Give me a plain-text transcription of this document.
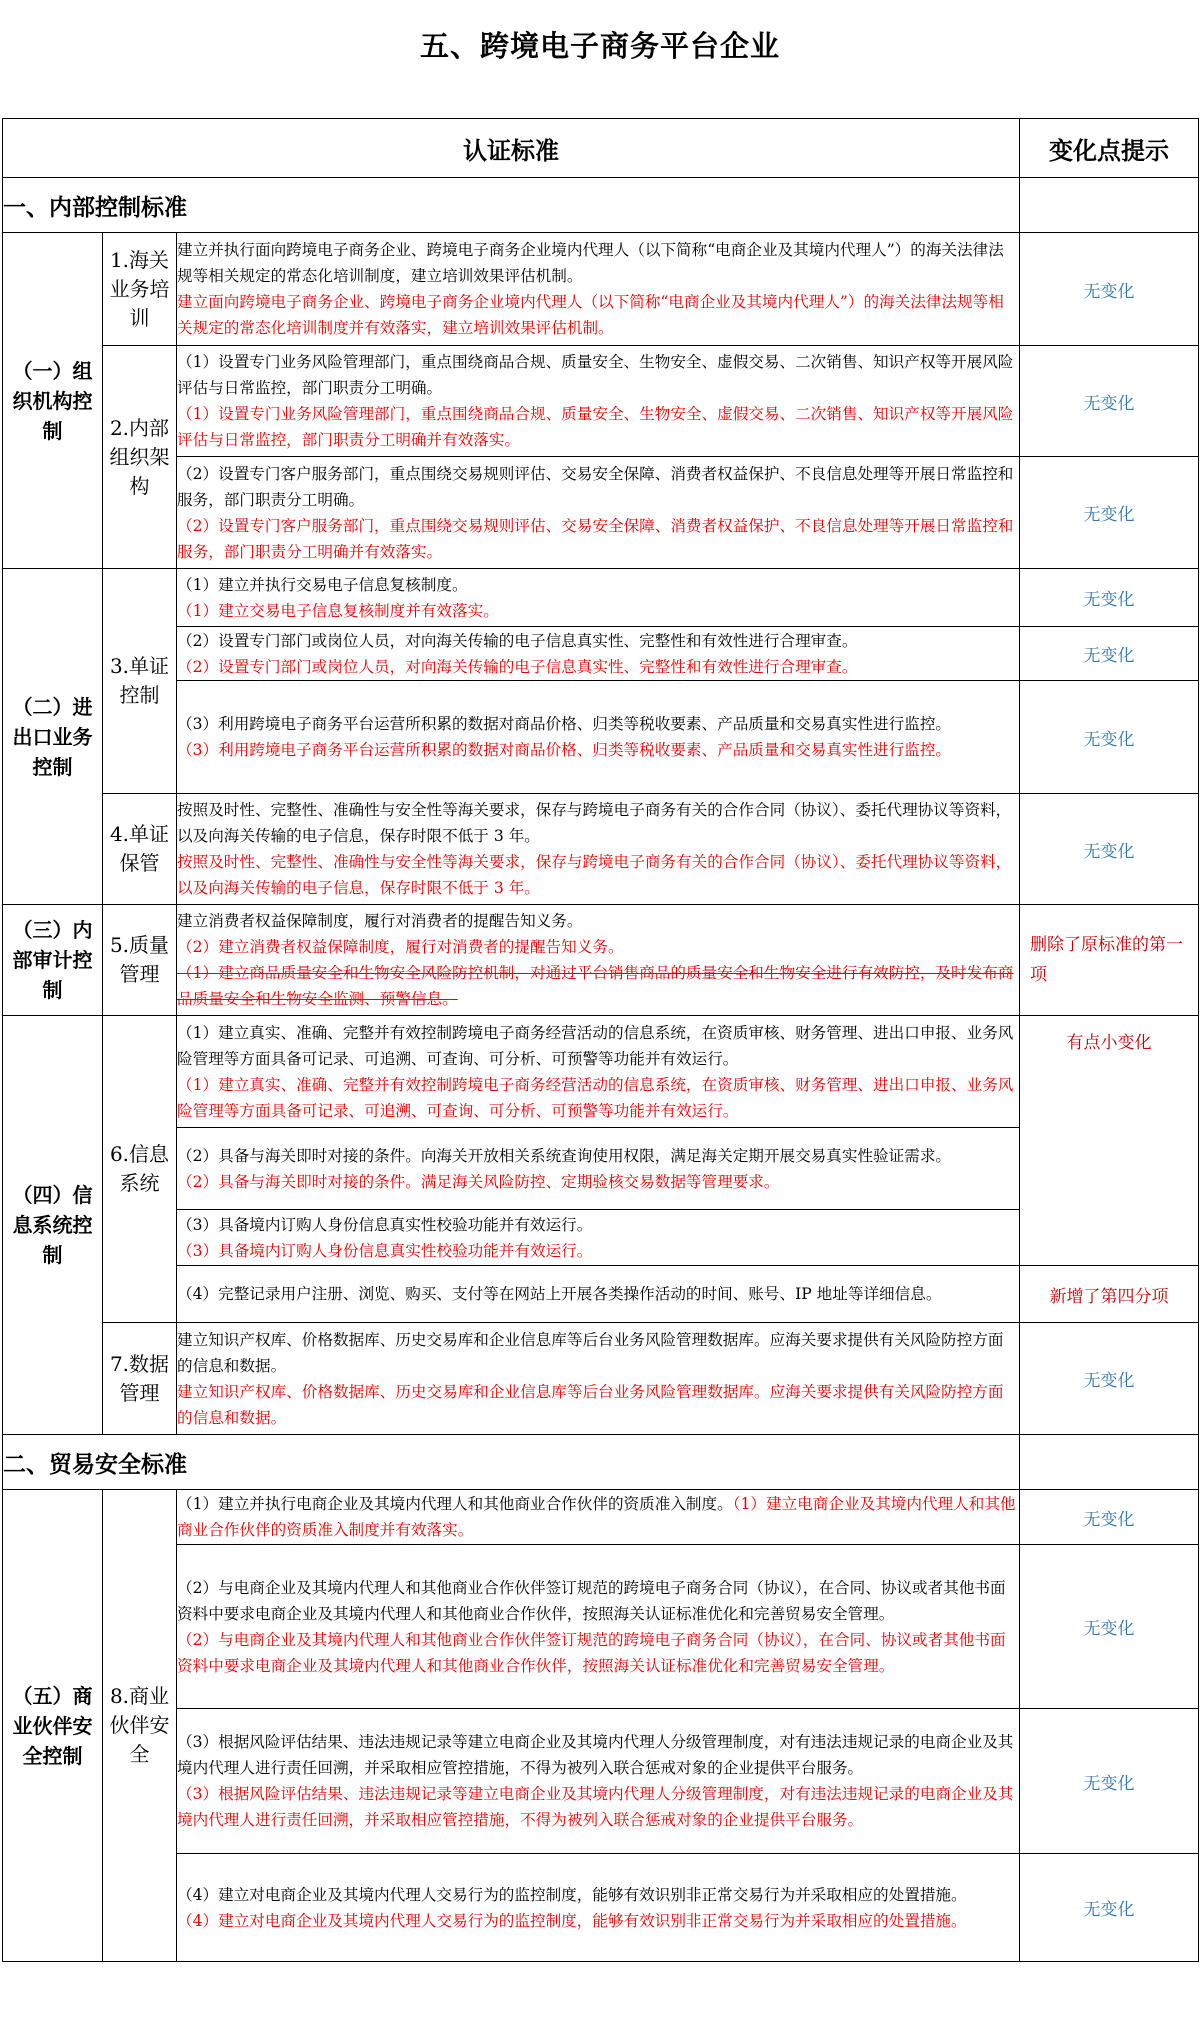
五、跨境电子商务平台企业
认证标准			变化点提示
一、内部控制标准			
（一）组织机构控制	1.海关业务培训	建立并执行面向跨境电子商务企业、跨境电子商务企业境内代理人（以下简称“电商企业及其境内代理人”）的海关法律法规等相关规定的常态化培训制度，建立培训效果评估机制。
建立面向跨境电子商务企业、跨境电子商务企业境内代理人（以下简称“电商企业及其境内代理人”）的海关法律法规等相关规定的常态化培训制度并有效落实，建立培训效果评估机制。	无变化
	2.内部组织架构	（1）设置专门业务风险管理部门，重点围绕商品合规、质量安全、生物安全、虚假交易、二次销售、知识产权等开展风险评估与日常监控，部门职责分工明确。
（1）设置专门业务风险管理部门，重点围绕商品合规、质量安全、生物安全、虚假交易、二次销售、知识产权等开展风险评估与日常监控，部门职责分工明确并有效落实。	无变化

		（2）设置专门客户服务部门，重点围绕交易规则评估、交易安全保障、消费者权益保护、不良信息处理等开展日常监控和服务，部门职责分工明确。
（2）设置专门客户服务部门，重点围绕交易规则评估、交易安全保障、消费者权益保护、不良信息处理等开展日常监控和服务，部门职责分工明确并有效落实。	无变化
（二）进出口业务控制	3.单证控制	（1）建立并执行交易电子信息复核制度。
（1）建立交易电子信息复核制度并有效落实。	无变化

		（2）设置专门部门或岗位人员，对向海关传输的电子信息真实性、完整性和有效性进行合理审查。
（2）设置专门部门或岗位人员，对向海关传输的电子信息真实性、完整性和有效性进行合理审查。	无变化

		（3）利用跨境电子商务平台运营所积累的数据对商品价格、归类等税收要素、产品质量和交易真实性进行监控。
（3）利用跨境电子商务平台运营所积累的数据对商品价格、归类等税收要素、产品质量和交易真实性进行监控。	无变化
	4.单证保管	按照及时性、完整性、准确性与安全性等海关要求，保存与跨境电子商务有关的合作合同（协议）、委托代理协议等资料，以及向海关传输的电子信息，保存时限不低于 3 年。
按照及时性、完整性、准确性与安全性等海关要求，保存与跨境电子商务有关的合作合同（协议）、委托代理协议等资料，以及向海关传输的电子信息，保存时限不低于 3 年。	无变化
（三）内部审计控制	5.质量管理	建立消费者权益保障制度，履行对消费者的提醒告知义务。
（2）建立消费者权益保障制度，履行对消费者的提醒告知义务。
（1）建立商品质量安全和生物安全风险防控机制，对通过平台销售商品的质量安全和生物安全进行有效防控，及时发布商品质量安全和生物安全监测、预警信息。	删除了原标准的第一项
（四）信息系统控制	6.信息系统	（1）建立真实、准确、完整并有效控制跨境电子商务经营活动的信息系统，在资质审核、财务管理、进出口申报、业务风险管理等方面具备可记录、可追溯、可查询、可分析、可预警等功能并有效运行。
（1）建立真实、准确、完整并有效控制跨境电子商务经营活动的信息系统，在资质审核、财务管理、进出口申报、业务风险管理等方面具备可记录、可追溯、可查询、可分析、可预警等功能并有效运行。	有点小变化

		（2）具备与海关即时对接的条件。向海关开放相关系统查询使用权限，满足海关定期开展交易真实性验证需求。
（2）具备与海关即时对接的条件。满足海关风险防控、定期验核交易数据等管理要求。	

		（3）具备境内订购人身份信息真实性校验功能并有效运行。
（3）具备境内订购人身份信息真实性校验功能并有效运行。	

		（4）完整记录用户注册、浏览、购买、支付等在网站上开展各类操作活动的时间、账号、IP 地址等详细信息。	新增了第四分项
	7.数据管理	建立知识产权库、价格数据库、历史交易库和企业信息库等后台业务风险管理数据库。应海关要求提供有关风险防控方面的信息和数据。
建立知识产权库、价格数据库、历史交易库和企业信息库等后台业务风险管理数据库。应海关要求提供有关风险防控方面的信息和数据。	无变化
二、贸易安全标准			
（五）商业伙伴安全控制	8.商业伙伴安全	（1）建立并执行电商企业及其境内代理人和其他商业合作伙伴的资质准入制度。（1）建立电商企业及其境内代理人和其他商业合作伙伴的资质准入制度并有效落实。	无变化

		（2）与电商企业及其境内代理人和其他商业合作伙伴签订规范的跨境电子商务合同（协议），在合同、协议或者其他书面资料中要求电商企业及其境内代理人和其他商业合作伙伴，按照海关认证标准优化和完善贸易安全管理。
（2）与电商企业及其境内代理人和其他商业合作伙伴签订规范的跨境电子商务合同（协议），在合同、协议或者其他书面资料中要求电商企业及其境内代理人和其他商业合作伙伴，按照海关认证标准优化和完善贸易安全管理。	无变化

		（3）根据风险评估结果、违法违规记录等建立电商企业及其境内代理人分级管理制度，对有违法违规记录的电商企业及其境内代理人进行责任回溯，并采取相应管控措施，不得为被列入联合惩戒对象的企业提供平台服务。
（3）根据风险评估结果、违法违规记录等建立电商企业及其境内代理人分级管理制度，对有违法违规记录的电商企业及其境内代理人进行责任回溯，并采取相应管控措施，不得为被列入联合惩戒对象的企业提供平台服务。	无变化

		（4）建立对电商企业及其境内代理人交易行为的监控制度，能够有效识别非正常交易行为并采取相应的处置措施。
（4）建立对电商企业及其境内代理人交易行为的监控制度，能够有效识别非正常交易行为并采取相应的处置措施。	无变化
